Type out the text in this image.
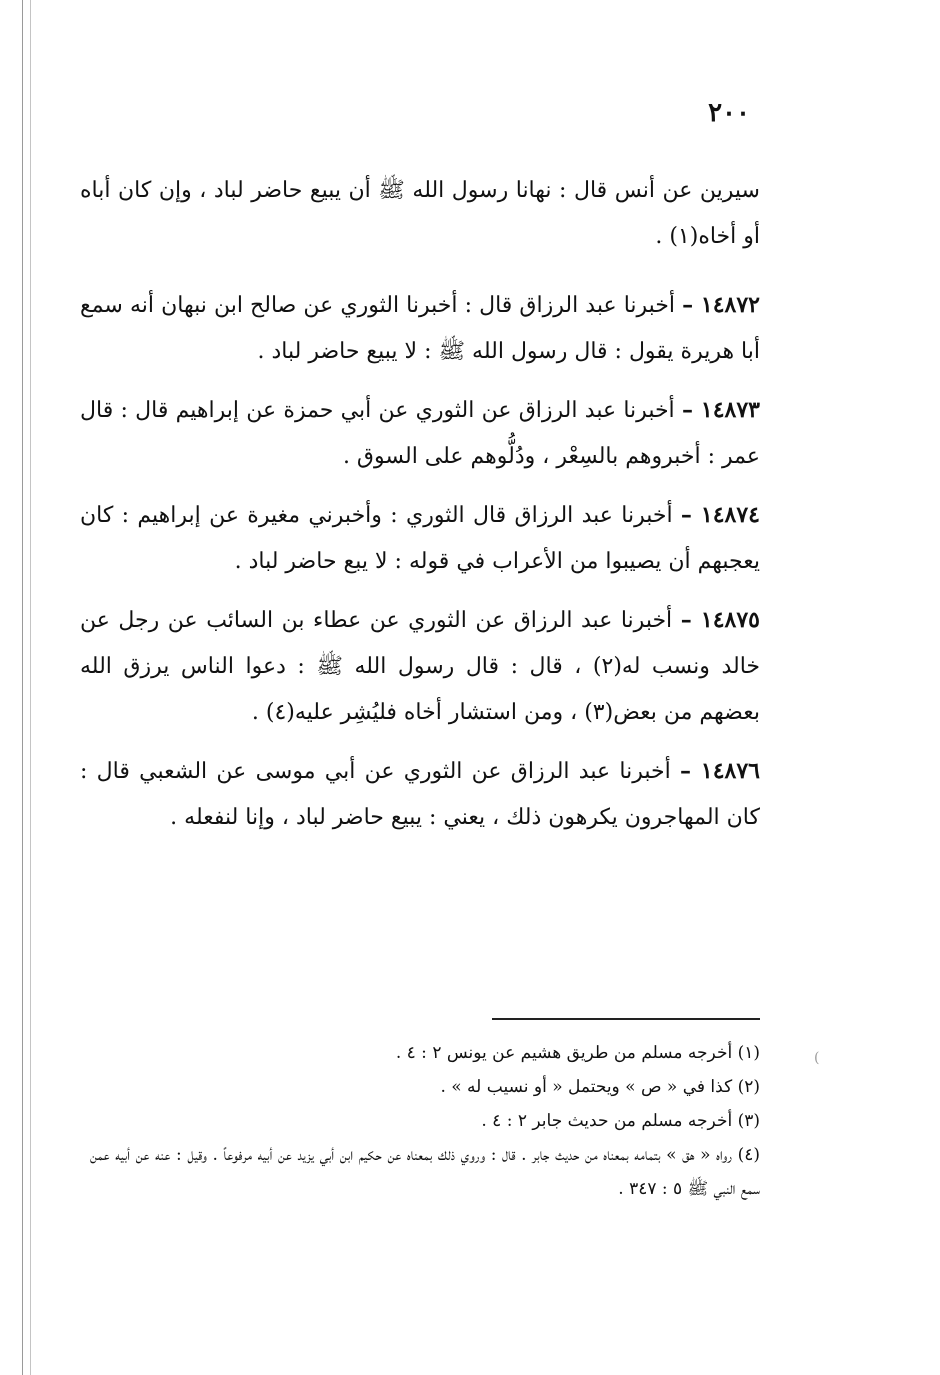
٢٠٠

سيرين عن أنس قال : نهانا رسول الله ﷺ أن يبيع حاضر لباد ، وإن كان أباه أو أخاه(١) .

١٤٨٧٢ – أخبرنا عبد الرزاق قال : أخبرنا الثوري عن صالح ابن نبهان أنه سمع أبا هريرة يقول : قال رسول الله ﷺ : لا يبيع حاضر لباد .

١٤٨٧٣ – أخبرنا عبد الرزاق عن الثوري عن أبي حمزة عن إبراهيم قال : قال عمر : أخبروهم بالسِعْر ، ودُلُّوهم على السوق .

١٤٨٧٤ – أخبرنا عبد الرزاق قال الثوري : وأخبرني مغيرة عن إبراهيم : كان يعجبهم أن يصيبوا من الأعراب في قوله : لا يبع حاضر لباد .

١٤٨٧٥ – أخبرنا عبد الرزاق عن الثوري عن عطاء بن السائب عن رجل عن خالد ونسب له(٢) ، قال : قال رسول الله ﷺ : دعوا الناس يرزق الله بعضهم من بعض(٣) ، ومن استشار أخاه فليُشِر عليه(٤) .

١٤٨٧٦ – أخبرنا عبد الرزاق عن الثوري عن أبي موسى عن الشعبي قال : كان المهاجرون يكرهون ذلك ، يعني : يبيع حاضر لباد ، وإنا لنفعله .

(١) أخرجه مسلم من طريق هشيم عن يونس ٢ : ٤ .

(٢) كذا في « ص » ويحتمل « أو نسيب له » .

(٣) أخرجه مسلم من حديث جابر ٢ : ٤ .

(٤) رواه « هق » بتمامه بمعناه من حديث جابر . قال : وروي ذلك بمعناه عن حكيم ابن أبي يزيد عن أبيه مرفوعاً . وقيل : عنه عن أبيه عمن سمع النبي ﷺ ٥ : ٣٤٧ .

(
